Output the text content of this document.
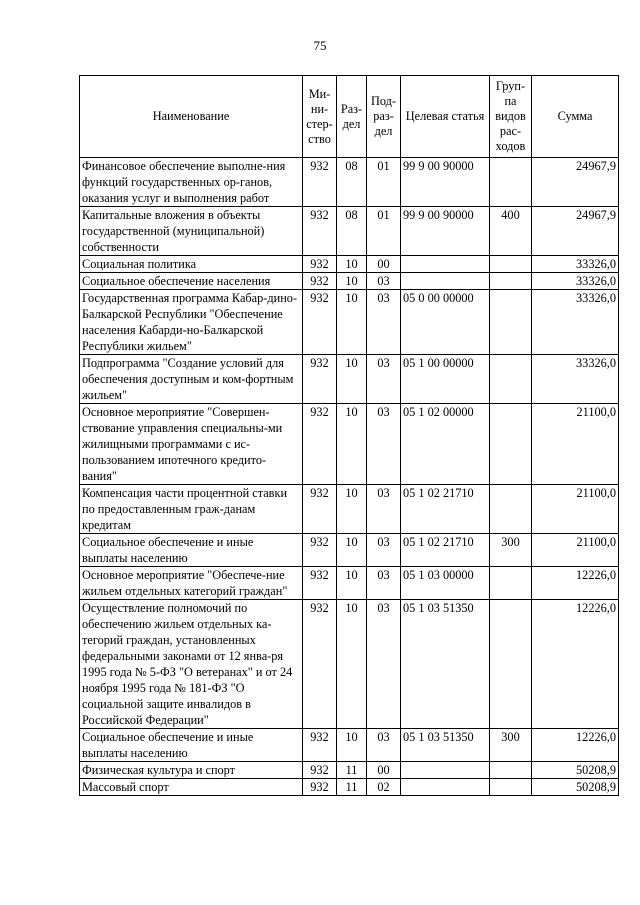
75
Наименование	Ми-ни-стер-ство	Раз-дел	Под-раз-дел	Целевая статья	Груп-па видов рас-ходов	Сумма
Финансовое обеспечение выполне-ния функций государственных ор-ганов, оказания услуг и выполнения работ	932	08	01	99 9 00 90000		24967,9
Капитальные вложения в объекты государственной (муниципальной) собственности	932	08	01	99 9 00 90000	400	24967,9
Социальная политика	932	10	00			33326,0
Социальное обеспечение населения	932	10	03			33326,0
Государственная программа Кабар-дино-Балкарской Республики "Обеспечение населения Кабарди-но-Балкарской Республики жильем"	932	10	03	05 0 00 00000		33326,0
Подпрограмма "Создание условий для обеспечения доступным и ком-фортным жильем"	932	10	03	05 1 00 00000		33326,0
Основное мероприятие "Совершен-ствование управления специальны-ми жилищными программами с ис-пользованием ипотечного кредито-вания"	932	10	03	05 1 02 00000		21100,0
Компенсация части процентной ставки по предоставленным граж-данам кредитам	932	10	03	05 1 02 21710		21100,0
Социальное обеспечение и иные выплаты населению	932	10	03	05 1 02 21710	300	21100,0
Основное мероприятие "Обеспече-ние жильем отдельных категорий граждан"	932	10	03	05 1 03 00000		12226,0
Осуществление полномочий по обеспечению жильем отдельных ка-тегорий граждан, установленных федеральными законами от 12 янва-ря 1995 года № 5-ФЗ "О ветеранах" и от 24 ноября 1995 года № 181-ФЗ "О социальной защите инвалидов в Российской Федерации"	932	10	03	05 1 03 51350		12226,0
Социальное обеспечение и иные выплаты населению	932	10	03	05 1 03 51350	300	12226,0
Физическая культура и спорт	932	11	00			50208,9
Массовый спорт	932	11	02			50208,9
